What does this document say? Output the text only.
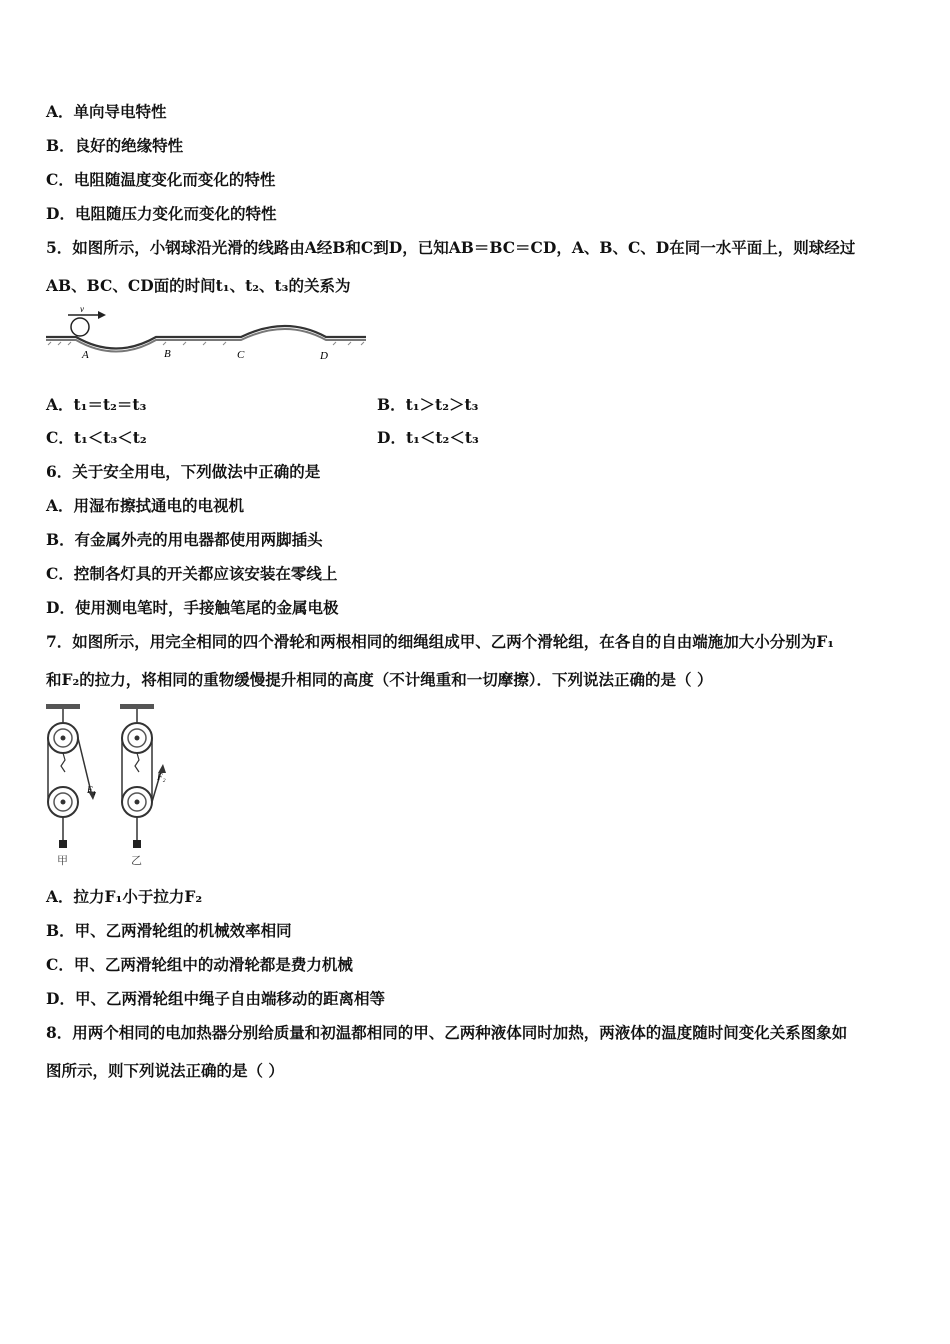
A．单向导电特性
B．良好的绝缘特性
C．电阻随温度变化而变化的特性
D．电阻随压力变化而变化的特性
5．如图所示，小钢球沿光滑的线路由A经B和C到D，已知AB＝BC＝CD，A、B、C、D在同一水平面上，则球经过
AB、BC、CD面的时间t₁、t₂、t₃的关系为
v
A	B	C	D
A．t₁＝t₂＝t₃	B．t₁＞t₂＞t₃
C．t₁＜t₃＜t₂	D．t₁＜t₂＜t₃
6．关于安全用电，下列做法中正确的是
A．用湿布擦拭通电的电视机
B．有金属外壳的用电器都使用两脚插头
C．控制各灯具的开关都应该安装在零线上
D．使用测电笔时，手接触笔尾的金属电极
7．如图所示，用完全相同的四个滑轮和两根相同的细绳组成甲、乙两个滑轮组，在各自的自由端施加大小分别为F₁
和F₂的拉力，将相同的重物缓慢提升相同的高度（不计绳重和一切摩擦）．下列说法正确的是（ ）
F₁
甲
F₂
乙
A．拉力F₁小于拉力F₂
B．甲、乙两滑轮组的机械效率相同
C．甲、乙两滑轮组中的动滑轮都是费力机械
D．甲、乙两滑轮组中绳子自由端移动的距离相等
8．用两个相同的电加热器分别给质量和初温都相同的甲、乙两种液体同时加热，两液体的温度随时间变化关系图象如
图所示，则下列说法正确的是（ ）
